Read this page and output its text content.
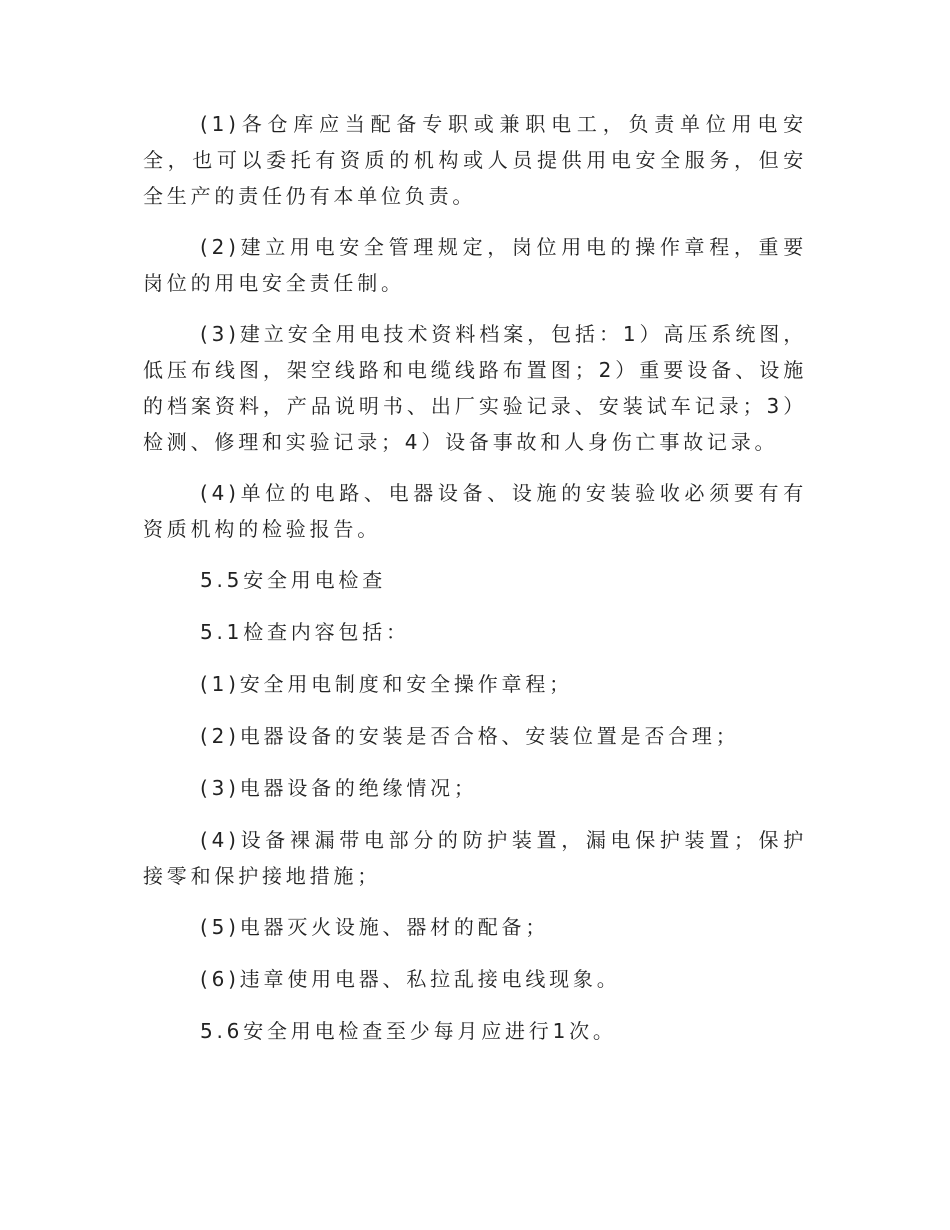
(1)各仓库应当配备专职或兼职电工，负责单位用电安全，也可以委托有资质的机构或人员提供用电安全服务，但安全生产的责任仍有本单位负责。

(2)建立用电安全管理规定，岗位用电的操作章程，重要岗位的用电安全责任制。

(3)建立安全用电技术资料档案，包括：1）高压系统图，低压布线图，架空线路和电缆线路布置图；2）重要设备、设施的档案资料，产品说明书、出厂实验记录、安装试车记录；3）检测、修理和实验记录；4）设备事故和人身伤亡事故记录。

(4)单位的电路、电器设备、设施的安装验收必须要有有资质机构的检验报告。

5.5安全用电检查

5.1检查内容包括：

(1)安全用电制度和安全操作章程；

(2)电器设备的安装是否合格、安装位置是否合理；

(3)电器设备的绝缘情况；

(4)设备裸漏带电部分的防护装置，漏电保护装置；保护接零和保护接地措施；

(5)电器灭火设施、器材的配备；

(6)违章使用电器、私拉乱接电线现象。

5.6安全用电检查至少每月应进行1次。
